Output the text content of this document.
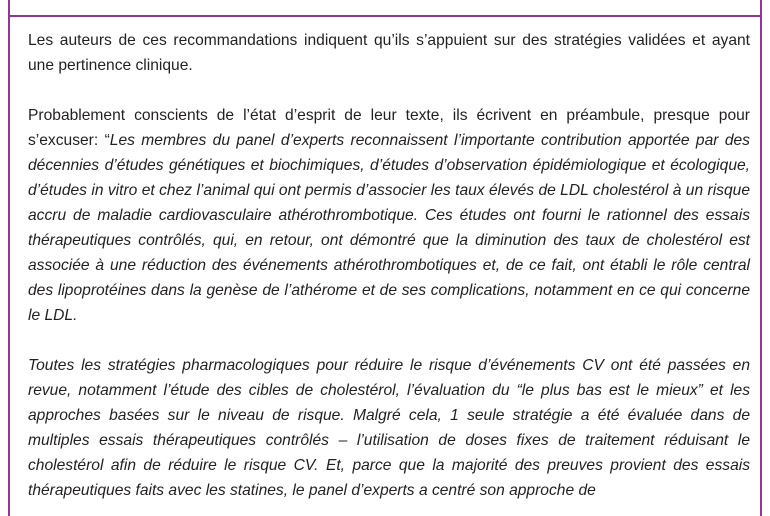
Les auteurs de ces recommandations indiquent qu’ils s’appuient sur des stratégies validées et ayant une pertinence clinique.

Probablement conscients de l’état d’esprit de leur texte, ils écrivent en préambule, presque pour s’excuser: “Les membres du panel d’experts reconnaissent l’importante contribution apportée par des décennies d’études génétiques et biochimiques, d’études d’observation épidémiologique et écologique, d’études in vitro et chez l’animal qui ont permis d’associer les taux élevés de LDL cholestérol à un risque accru de maladie cardiovasculaire athérothrombotique. Ces études ont fourni le rationnel des essais thérapeutiques contrôlés, qui, en retour, ont démontré que la diminution des taux de cholestérol est associée à une réduction des événements athérothrombotiques et, de ce fait, ont établi le rôle central des lipoprotéines dans la genèse de l’athérome et de ses complications, notamment en ce qui concerne le LDL.

Toutes les stratégies pharmacologiques pour réduire le risque d’événements CV ont été passées en revue, notamment l’étude des cibles de cholestérol, l’évaluation du “le plus bas est le mieux” et les approches basées sur le niveau de risque. Malgré cela, 1 seule stratégie a été évaluée dans de multiples essais thérapeutiques contrôlés – l’utilisation de doses fixes de traitement réduisant le cholestérol afin de réduire le risque CV. Et, parce que la majorité des preuves provient des essais thérapeutiques faits avec les statines, le panel d’experts a centré son approche de
